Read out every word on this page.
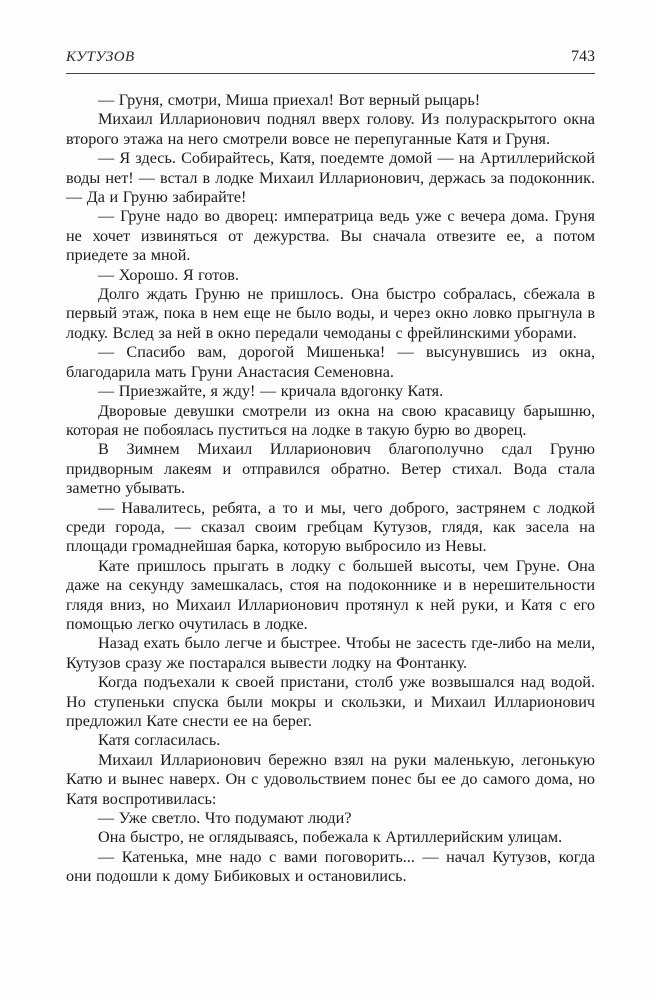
КУТУЗОВ	743

— Груня, смотри, Миша приехал! Вот верный рыцарь!

Михаил Илларионович поднял вверх голову. Из полураскрытого окна второго этажа на него смотрели вовсе не перепуганные Катя и Груня.

— Я здесь. Собирайтесь, Катя, поедемте домой — на Артиллерийской воды нет! — встал в лодке Михаил Илларионович, держась за подоконник. — Да и Груню забирайте!

— Груне надо во дворец: императрица ведь уже с вечера дома. Груня не хочет извиняться от дежурства. Вы сначала отвезите ее, а потом приедете за мной.

— Хорошо. Я готов.

Долго ждать Груню не пришлось. Она быстро собралась, сбежала в первый этаж, пока в нем еще не было воды, и через окно ловко прыгнула в лодку. Вслед за ней в окно передали чемоданы с фрейлинскими уборами.

— Спасибо вам, дорогой Мишенька! — высунувшись из окна, благодарила мать Груни Анастасия Семеновна.

— Приезжайте, я жду! — кричала вдогонку Катя.

Дворовые девушки смотрели из окна на свою красавицу барышню, которая не побоялась пуститься на лодке в такую бурю во дворец.

В Зимнем Михаил Илларионович благополучно сдал Груню придворным лакеям и отправился обратно. Ветер стихал. Вода стала заметно убывать.

— Навалитесь, ребята, а то и мы, чего доброго, застрянем с лодкой среди города, — сказал своим гребцам Кутузов, глядя, как засела на площади громаднейшая барка, которую выбросило из Невы.

Кате пришлось прыгать в лодку с большей высоты, чем Груне. Она даже на секунду замешкалась, стоя на подоконнике и в нерешительности глядя вниз, но Михаил Илларионович протянул к ней руки, и Катя с его помощью легко очутилась в лодке.

Назад ехать было легче и быстрее. Чтобы не засесть где-либо на мели, Кутузов сразу же постарался вывести лодку на Фонтанку.

Когда подъехали к своей пристани, столб уже возвышался над водой. Но ступеньки спуска были мокры и скользки, и Михаил Илларионович предложил Кате снести ее на берег.

Катя согласилась.

Михаил Илларионович бережно взял на руки маленькую, легонькую Катю и вынес наверх. Он с удовольствием понес бы ее до самого дома, но Катя воспротивилась:

— Уже светло. Что подумают люди?

Она быстро, не оглядываясь, побежала к Артиллерийским улицам.

— Катенька, мне надо с вами поговорить... — начал Кутузов, когда они подошли к дому Бибиковых и остановились.
